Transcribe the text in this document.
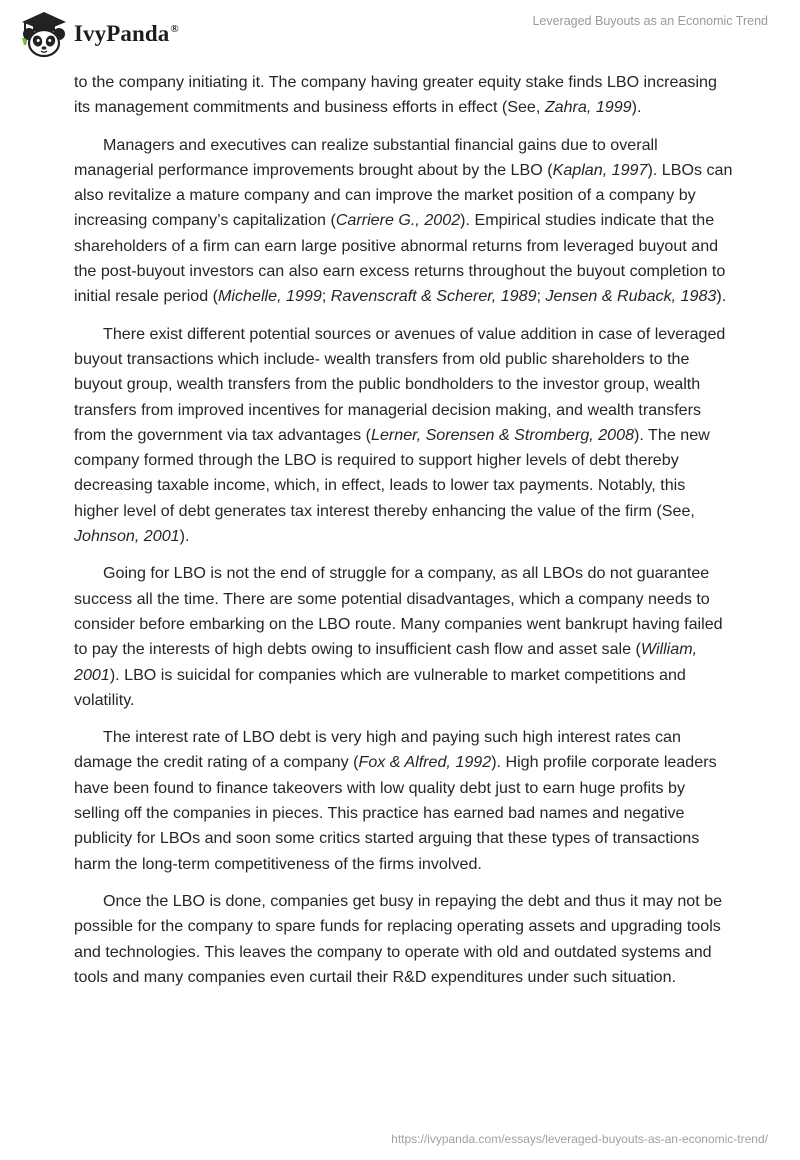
IvyPanda®
Leveraged Buyouts as an Economic Trend

to the company initiating it. The company having greater equity stake finds LBO increasing its management commitments and business efforts in effect (See, Zahra, 1999).

Managers and executives can realize substantial financial gains due to overall managerial performance improvements brought about by the LBO (Kaplan, 1997). LBOs can also revitalize a mature company and can improve the market position of a company by increasing company’s capitalization (Carriere G., 2002). Empirical studies indicate that the shareholders of a firm can earn large positive abnormal returns from leveraged buyout and the post-buyout investors can also earn excess returns throughout the buyout completion to initial resale period (Michelle, 1999; Ravenscraft & Scherer, 1989; Jensen & Ruback, 1983).

There exist different potential sources or avenues of value addition in case of leveraged buyout transactions which include- wealth transfers from old public shareholders to the buyout group, wealth transfers from the public bondholders to the investor group, wealth transfers from improved incentives for managerial decision making, and wealth transfers from the government via tax advantages (Lerner, Sorensen & Stromberg, 2008). The new company formed through the LBO is required to support higher levels of debt thereby decreasing taxable income, which, in effect, leads to lower tax payments. Notably, this higher level of debt generates tax interest thereby enhancing the value of the firm (See, Johnson, 2001).

Going for LBO is not the end of struggle for a company, as all LBOs do not guarantee success all the time. There are some potential disadvantages, which a company needs to consider before embarking on the LBO route. Many companies went bankrupt having failed to pay the interests of high debts owing to insufficient cash flow and asset sale (William, 2001). LBO is suicidal for companies which are vulnerable to market competitions and volatility.

The interest rate of LBO debt is very high and paying such high interest rates can damage the credit rating of a company (Fox & Alfred, 1992). High profile corporate leaders have been found to finance takeovers with low quality debt just to earn huge profits by selling off the companies in pieces. This practice has earned bad names and negative publicity for LBOs and soon some critics started arguing that these types of transactions harm the long-term competitiveness of the firms involved.

Once the LBO is done, companies get busy in repaying the debt and thus it may not be possible for the company to spare funds for replacing operating assets and upgrading tools and technologies. This leaves the company to operate with old and outdated systems and tools and many companies even curtail their R&D expenditures under such situation.

https://ivypanda.com/essays/leveraged-buyouts-as-an-economic-trend/
